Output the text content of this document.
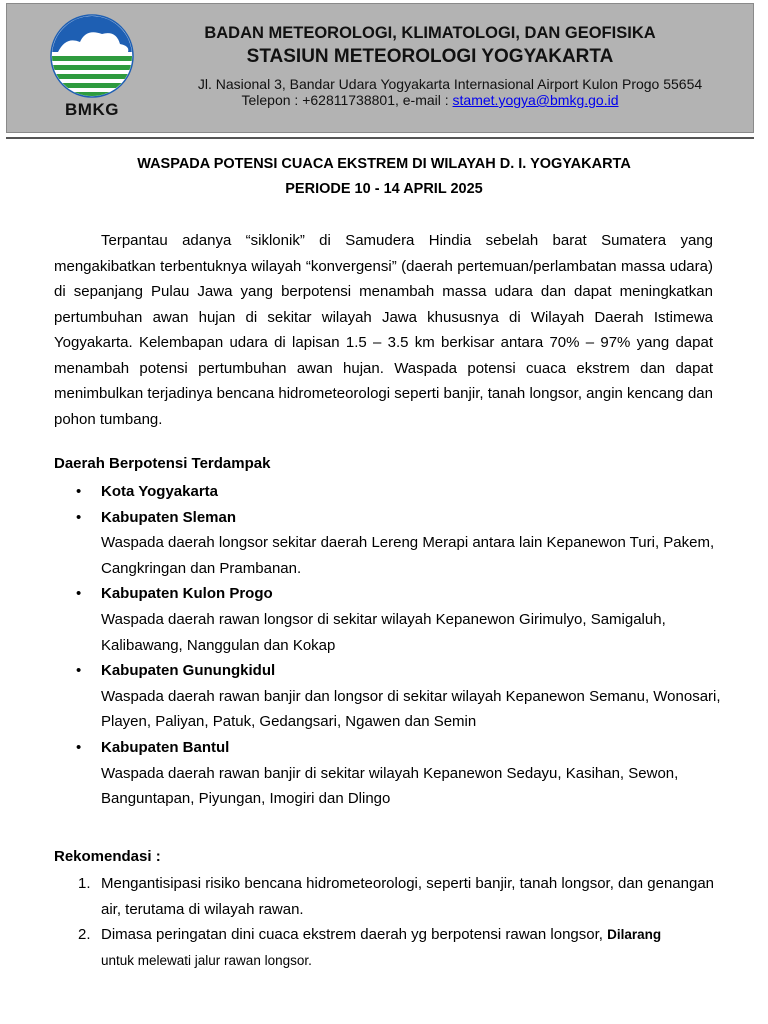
BMKG
BADAN METEOROLOGI, KLIMATOLOGI, DAN GEOFISIKA
STASIUN METEOROLOGI YOGYAKARTA
Jl. Nasional 3, Bandar Udara Yogyakarta Internasional Airport Kulon Progo 55654
Telepon : +62811738801, e-mail : stamet.yogya@bmkg.go.id
WASPADA POTENSI CUACA EKSTREM DI WILAYAH D. I. YOGYAKARTA
PERIODE 10 - 14 APRIL 2025
Terpantau adanya “siklonik” di Samudera Hindia sebelah barat Sumatera yang mengakibatkan terbentuknya wilayah “konvergensi” (daerah pertemuan/perlambatan massa udara) di sepanjang Pulau Jawa yang berpotensi menambah massa udara dan dapat meningkatkan pertumbuhan awan hujan di sekitar wilayah Jawa khususnya di Wilayah Daerah Istimewa Yogyakarta. Kelembapan udara di lapisan 1.5 – 3.5 km berkisar antara 70% – 97% yang dapat menambah potensi pertumbuhan awan hujan. Waspada potensi cuaca ekstrem dan dapat menimbulkan terjadinya bencana hidrometeorologi seperti banjir, tanah longsor, angin kencang dan pohon tumbang.
Daerah Berpotensi Terdampak
• Kota Yogyakarta
• Kabupaten Sleman
Waspada daerah longsor sekitar daerah Lereng Merapi antara lain Kepanewon Turi, Pakem, Cangkringan dan Prambanan.
• Kabupaten Kulon Progo
Waspada daerah rawan longsor di sekitar wilayah Kepanewon Girimulyo, Samigaluh, Kalibawang, Nanggulan dan Kokap
• Kabupaten Gunungkidul
Waspada daerah rawan banjir dan longsor di sekitar wilayah Kepanewon Semanu, Wonosari, Playen, Paliyan, Patuk, Gedangsari, Ngawen dan Semin
• Kabupaten Bantul
Waspada daerah rawan banjir di sekitar wilayah Kepanewon Sedayu, Kasihan, Sewon, Banguntapan, Piyungan, Imogiri dan Dlingo
Rekomendasi :
1. Mengantisipasi risiko bencana hidrometeorologi, seperti banjir, tanah longsor, dan genangan air, terutama di wilayah rawan.
2. Dimasa peringatan dini cuaca ekstrem daerah yg berpotensi rawan longsor, Dilarang
untuk melewati jalur rawan longsor.
